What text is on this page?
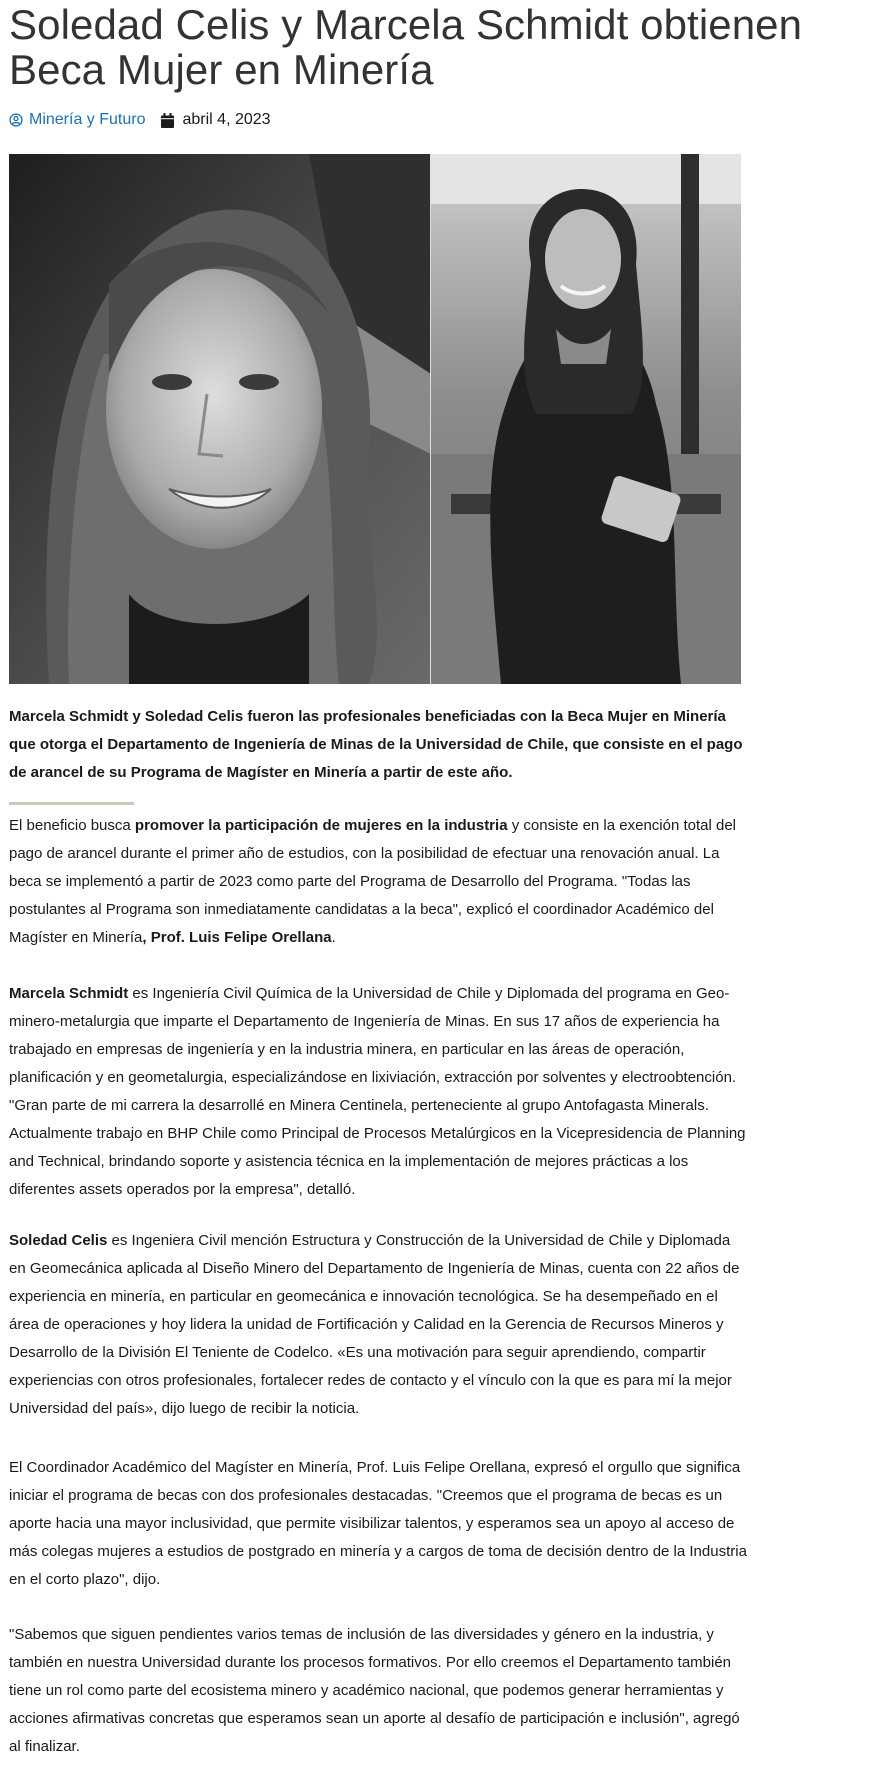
Soledad Celis y Marcela Schmidt obtienen Beca Mujer en Minería
Minería y Futuro abril 4, 2023

Marcela Schmidt y Soledad Celis fueron las profesionales beneficiadas con la Beca Mujer en Minería que otorga el Departamento de Ingeniería de Minas de la Universidad de Chile, que consiste en el pago de arancel de su Programa de Magíster en Minería a partir de este año.

El beneficio busca promover la participación de mujeres en la industria y consiste en la exención total del pago de arancel durante el primer año de estudios, con la posibilidad de efectuar una renovación anual. La beca se implementó a partir de 2023 como parte del Programa de Desarrollo del Programa. "Todas las postulantes al Programa son inmediatamente candidatas a la beca", explicó el coordinador Académico del Magíster en Minería, Prof. Luis Felipe Orellana.

Marcela Schmidt es Ingeniería Civil Química de la Universidad de Chile y Diplomada del programa en Geo-minero-metalurgia que imparte el Departamento de Ingeniería de Minas. En sus 17 años de experiencia ha trabajado en empresas de ingeniería y en la industria minera, en particular en las áreas de operación, planificación y en geometalurgia, especializándose en lixiviación, extracción por solventes y electroobtención. "Gran parte de mi carrera la desarrollé en Minera Centinela, perteneciente al grupo Antofagasta Minerals. Actualmente trabajo en BHP Chile como Principal de Procesos Metalúrgicos en la Vicepresidencia de Planning and Technical, brindando soporte y asistencia técnica en la implementación de mejores prácticas a los diferentes assets operados por la empresa", detalló.

Soledad Celis es Ingeniera Civil mención Estructura y Construcción de la Universidad de Chile y Diplomada en Geomecánica aplicada al Diseño Minero del Departamento de Ingeniería de Minas, cuenta con 22 años de experiencia en minería, en particular en geomecánica e innovación tecnológica. Se ha desempeñado en el área de operaciones y hoy lidera la unidad de Fortificación y Calidad en la Gerencia de Recursos Mineros y Desarrollo de la División El Teniente de Codelco. «Es una motivación para seguir aprendiendo, compartir experiencias con otros profesionales, fortalecer redes de contacto y el vínculo con la que es para mí la mejor Universidad del país», dijo luego de recibir la noticia.

El Coordinador Académico del Magíster en Minería, Prof. Luis Felipe Orellana, expresó el orgullo que significa iniciar el programa de becas con dos profesionales destacadas. "Creemos que el programa de becas es un aporte hacia una mayor inclusividad, que permite visibilizar talentos, y esperamos sea un apoyo al acceso de más colegas mujeres a estudios de postgrado en minería y a cargos de toma de decisión dentro de la Industria en el corto plazo", dijo.

"Sabemos que siguen pendientes varios temas de inclusión de las diversidades y género en la industria, y también en nuestra Universidad durante los procesos formativos. Por ello creemos el Departamento también tiene un rol como parte del ecosistema minero y académico nacional, que podemos generar herramientas y acciones afirmativas concretas que esperamos sean un aporte al desafío de participación e inclusión", agregó al finalizar.
